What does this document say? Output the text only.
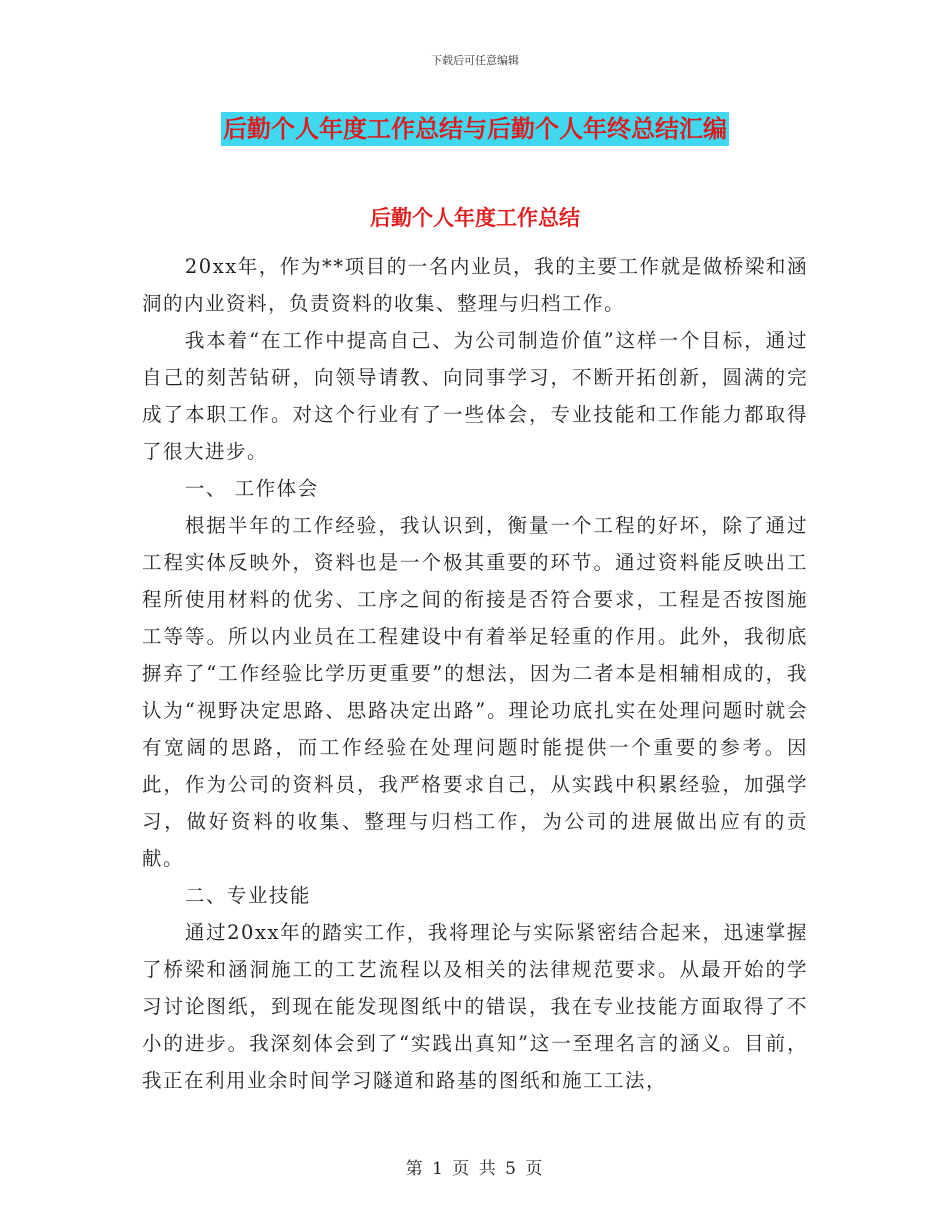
下载后可任意编辑
后勤个人年度工作总结与后勤个人年终总结汇编
后勤个人年度工作总结

20xx年，作为**项目的一名内业员，我的主要工作就是做桥梁和涵洞的内业资料，负责资料的收集、整理与归档工作。

我本着“在工作中提高自己、为公司制造价值”这样一个目标，通过自己的刻苦钻研，向领导请教、向同事学习，不断开拓创新，圆满的完成了本职工作。对这个行业有了一些体会，专业技能和工作能力都取得了很大进步。

一、 工作体会

根据半年的工作经验，我认识到，衡量一个工程的好坏，除了通过工程实体反映外，资料也是一个极其重要的环节。通过资料能反映出工程所使用材料的优劣、工序之间的衔接是否符合要求，工程是否按图施工等等。所以内业员在工程建设中有着举足轻重的作用。此外，我彻底摒弃了“工作经验比学历更重要”的想法，因为二者本是相辅相成的，我认为“视野决定思路、思路决定出路”。理论功底扎实在处理问题时就会有宽阔的思路，而工作经验在处理问题时能提供一个重要的参考。因此，作为公司的资料员，我严格要求自己，从实践中积累经验，加强学习，做好资料的收集、整理与归档工作，为公司的进展做出应有的贡献。

二、专业技能

通过20xx年的踏实工作，我将理论与实际紧密结合起来，迅速掌握了桥梁和涵洞施工的工艺流程以及相关的法律规范要求。从最开始的学习讨论图纸，到现在能发现图纸中的错误，我在专业技能方面取得了不小的进步。我深刻体会到了“实践出真知”这一至理名言的涵义。目前，我正在利用业余时间学习隧道和路基的图纸和施工工法，

第 1 页 共 5 页
